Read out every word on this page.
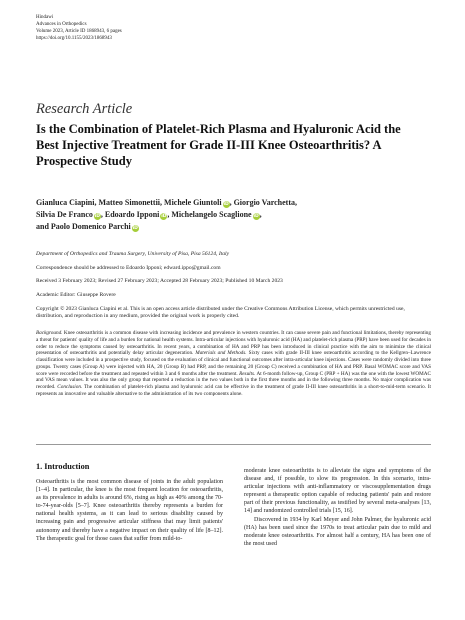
Hindawi
Advances in Orthopedics
Volume 2023, Article ID 1868943, 6 pages
https://doi.org/10.1155/2023/1868943
Research Article
Is the Combination of Platelet-Rich Plasma and Hyaluronic Acid the Best Injective Treatment for Grade II-III Knee Osteoarthritis? A Prospective Study
Gianluca Ciapini, Matteo Simonettii, Michele Giuntoli iD, Giorgio Varchetta,
Silvia De Franco iD, Edoardo Ipponi iD, Michelangelo Scaglione iD,
and Paolo Domenico Parchi iD
Department of Orthopedics and Trauma Surgery, University of Pisa, Pisa 56124, Italy
Correspondence should be addressed to Edoardo Ipponi; edward.ippo@gmail.com
Received 3 February 2023; Revised 27 February 2023; Accepted 28 February 2023; Published 10 March 2023
Academic Editor: Giuseppe Rovere
Copyright © 2023 Gianluca Ciapini et al. This is an open access article distributed under the Creative Commons Attribution License, which permits unrestricted use, distribution, and reproduction in any medium, provided the original work is properly cited.
Background. Knee osteoarthritis is a common disease with increasing incidence and prevalence in western countries. It can cause severe pain and functional limitations, thereby representing a threat for patients' quality of life and a burden for national health systems. Intra-articular injections with hyaluronic acid (HA) and platelet-rich plasma (PRP) have been used for decades in order to reduce the symptoms caused by osteoarthritis. In recent years, a combination of HA and PRP has been introduced in clinical practice with the aim to minimize the clinical presentation of osteoarthritis and potentially delay articular degeneration. Materials and Methods. Sixty cases with grade II-III knee osteoarthritis according to the Kellgren–Lawrence classification were included in a prospective study, focused on the evaluation of clinical and functional outcomes after intra-articular knee injections. Cases were randomly divided into three groups. Twenty cases (Group A) were injected with HA, 20 (Group B) had PRP, and the remaining 20 (Group C) received a combination of HA and PRP. Basal WOMAC score and VAS score were recorded before the treatment and repeated within 3 and 6 months after the treatment. Results. At 6-month follow-up, Group C (PRP + HA) was the one with the lowest WOMAC and VAS mean values. It was also the only group that reported a reduction in the two values both in the first three months and in the following three months. No major complication was recorded. Conclusion. The combination of platelet-rich plasma and hyaluronic acid can be effective in the treatment of grade II-III knee osteoarthritis in a short-to-mid-term scenario. It represents an innovative and valuable alternative to the administration of its two components alone.
1. Introduction

Osteoarthritis is the most common disease of joints in the adult population [1–4]. In particular, the knee is the most frequent location for osteoarthritis, as its prevalence in adults is around 6%, rising as high as 40% among the 70-to-74-year-olds [5–7]. Knee osteoarthritis thereby represents a burden for national health systems, as it can lead to serious disability caused by increasing pain and progressive articular stiffness that may limit patients' autonomy and thereby have a negative impact on their quality of life [8–12]. The therapeutic goal for those cases that suffer from mild-to-

moderate knee osteoarthritis is to alleviate the signs and symptoms of the disease and, if possible, to slow its progression. In this scenario, intra-articular injections with anti-inflammatory or viscosupplementation drugs represent a therapeutic option capable of reducing patients' pain and restore part of their previous functionality, as testified by several meta-analyses [13, 14] and randomized controlled trials [15, 16].

Discovered in 1934 by Karl Meyer and John Palmer, the hyaluronic acid (HA) has been used since the 1970s to treat articular pain due to mild and moderate knee osteoarthritis. For almost half a century, HA has been one of the most used
